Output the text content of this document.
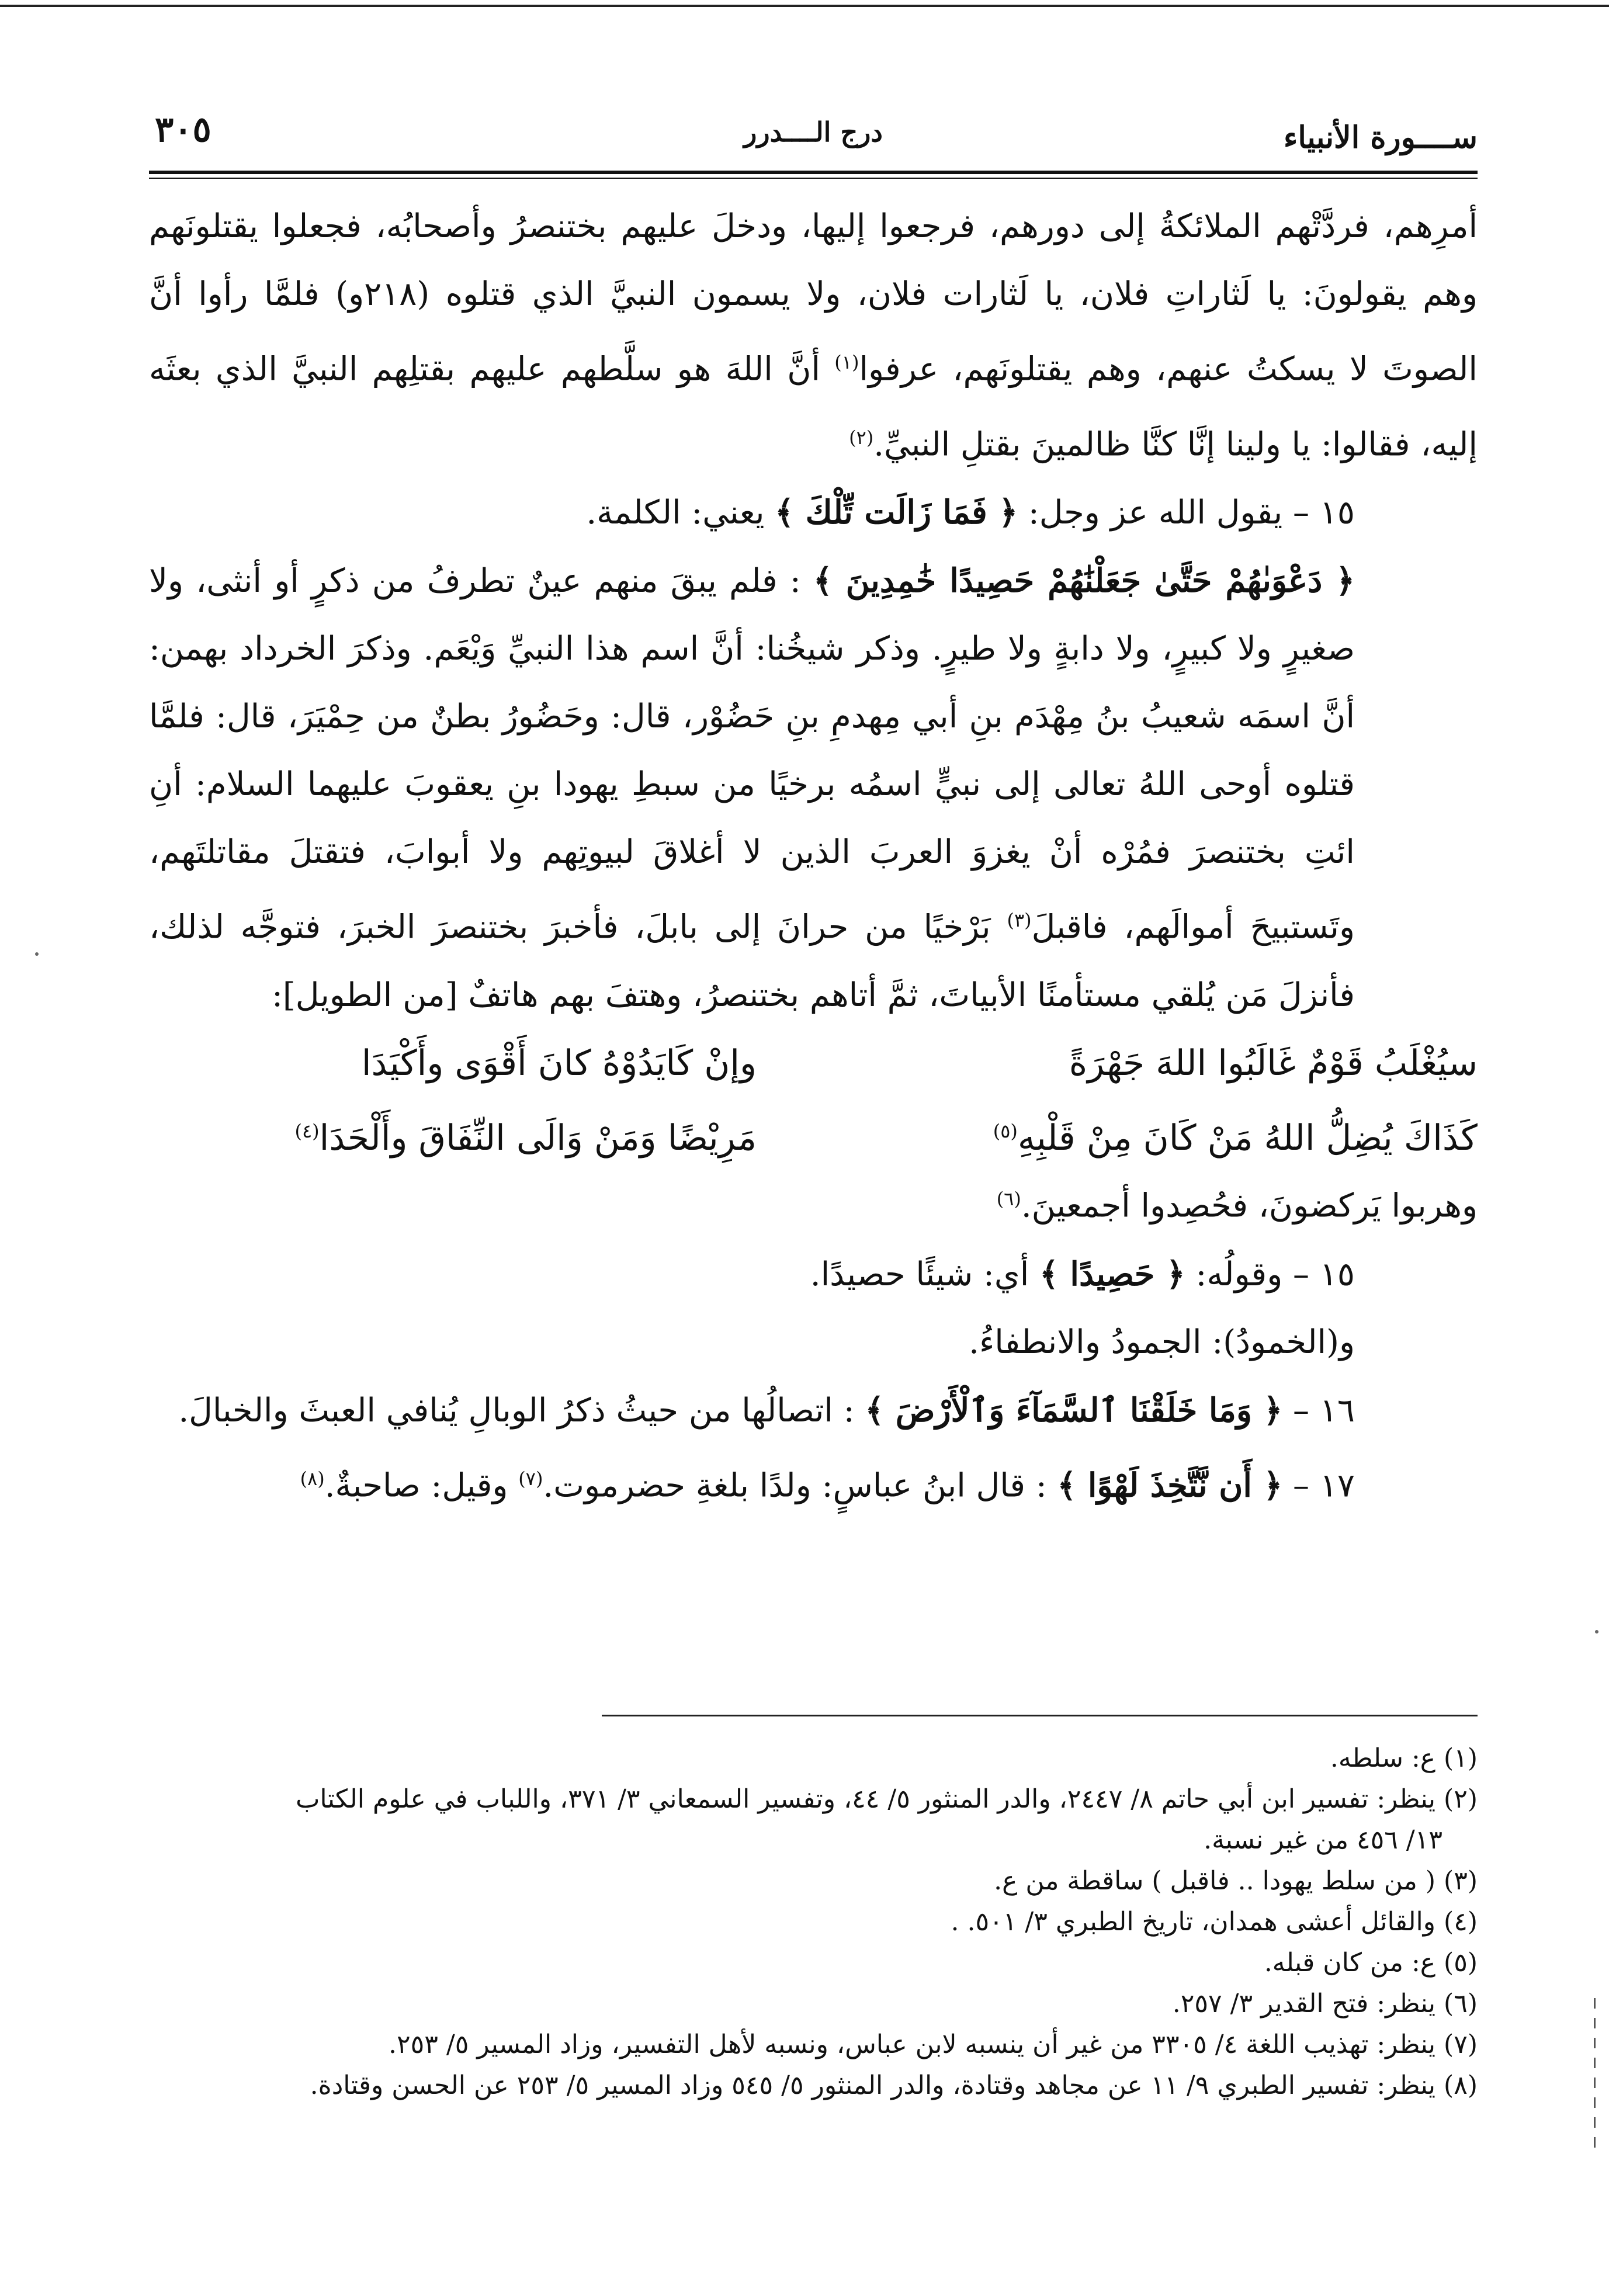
ســــورة الأنبياء
درج الــــدرر
٣٠٥

أمرِهم، فردَّتْهم الملائكةُ إلى دورهم، فرجعوا إليها، ودخلَ عليهم بختنصرُ وأصحابُه، فجعلوا يقتلونَهم وهم يقولونَ: يا لَثاراتِ فلان، يا لَثارات فلان، ولا يسمون النبيَّ الذي قتلوه (٢١٨و) فلمَّا رأوا أنَّ الصوتَ لا يسكتُ عنهم، وهم يقتلونَهم، عرفوا$^{(١)}$ أنَّ اللهَ هو سلَّطهم عليهم بقتلِهم النبيَّ الذي بعثَه إليه، فقالوا: يا ولينا إنَّا كنَّا ظالمينَ بقتلِ النبيِّ.$^{(٢)}$

١٥ – يقول الله عز وجل: ﴿ فَمَا زَالَت تِّلْكَ ﴾ يعني: الكلمة.

﴿ دَعْوَىٰهُمْ حَتَّىٰ جَعَلْنَٰهُمْ حَصِيدًا خَٰمِدِينَ ﴾ : فلم يبقَ منهم عينٌ تطرفُ من ذكرٍ أو أنثى، ولا صغيرٍ ولا كبيرٍ، ولا دابةٍ ولا طيرٍ. وذكر شيخُنا: أنَّ اسم هذا النبيِّ وَيْعَم. وذكرَ الخرداد بهمن: أنَّ اسمَه شعيبُ بنُ مِهْدَم بنِ أبي مِهدمِ بنِ حَضُوْر، قال: وحَضُورُ بطنٌ من حِمْيَرَ، قال: فلمَّا قتلوه أوحى اللهُ تعالى إلى نبيٍّ اسمُه برخيًا من سبطِ يهودا بنِ يعقوبَ عليهما السلام: أنِ ائتِ بختنصرَ فمُرْه أنْ يغزوَ العربَ الذين لا أغلاقَ لبيوتِهم ولا أبوابَ، فتقتلَ مقاتلتَهم، وتَستبيحَ أموالَهم، فاقبلَ$^{(٣)}$ بَرْخيًا من حرانَ إلى بابلَ، فأخبرَ بختنصرَ الخبرَ، فتوجَّه لذلك، فأنزلَ مَن يُلقي مستأمنًا الأبياتَ، ثمَّ أتاهم بختنصرُ، وهتفَ بهم هاتفٌ [من الطويل]:

سيُغْلَبُ قَوْمٌ غَالَبُوا اللهَ جَهْرَةً
وإنْ كَايَدُوْهُ كانَ أَقْوَى وأَكْيَدَا
كَذَاكَ يُضِلُّ اللهُ مَنْ كَانَ مِنْ قَلْبِهِ$^{(٥)}$
مَرِيْضًا وَمَنْ وَالَى النِّفَاقَ وأَلْحَدَا$^{(٤)}$

وهربوا يَركضونَ، فحُصِدوا أجمعينَ.$^{(٦)}$

١٥ – وقولُه: ﴿ حَصِيدًا ﴾ أي: شيئًا حصيدًا.

و(الخمودُ): الجمودُ والانطفاءُ.

١٦ – ﴿ وَمَا خَلَقْنَا ٱلسَّمَآءَ وَٱلْأَرْضَ ﴾ : اتصالُها من حيثُ ذكرُ الوبالِ يُنافي العبثَ والخبالَ.

١٧ – ﴿ أَن نَّتَّخِذَ لَهْوًا ﴾ : قال ابنُ عباسٍ: ولدًا بلغةِ حضرموت.$^{(٧)}$ وقيل: صاحبةٌ.$^{(٨)}$

(١) ع: سلطه.

(٢) ينظر: تفسير ابن أبي حاتم ٨/ ٢٤٤٧، والدر المنثور ٥/ ٤٤، وتفسير السمعاني ٣/ ٣٧١، واللباب في علوم الكتاب

١٣/ ٤٥٦ من غير نسبة.

(٣) ( من سلط يهودا .. فاقبل ) ساقطة من ع.

(٤) والقائل أعشى همدان، تاريخ الطبري ٣/ ٥٠١. .

(٥) ع: من كان قبله.

(٦) ينظر: فتح القدير ٣/ ٢٥٧.

(٧) ينظر: تهذيب اللغة ٤/ ٣٣٠٥ من غير أن ينسبه لابن عباس، ونسبه لأهل التفسير، وزاد المسير ٥/ ٢٥٣.

(٨) ينظر: تفسير الطبري ٩/ ١١ عن مجاهد وقتادة، والدر المنثور ٥/ ٥٤٥ وزاد المسير ٥/ ٢٥٣ عن الحسن وقتادة.
